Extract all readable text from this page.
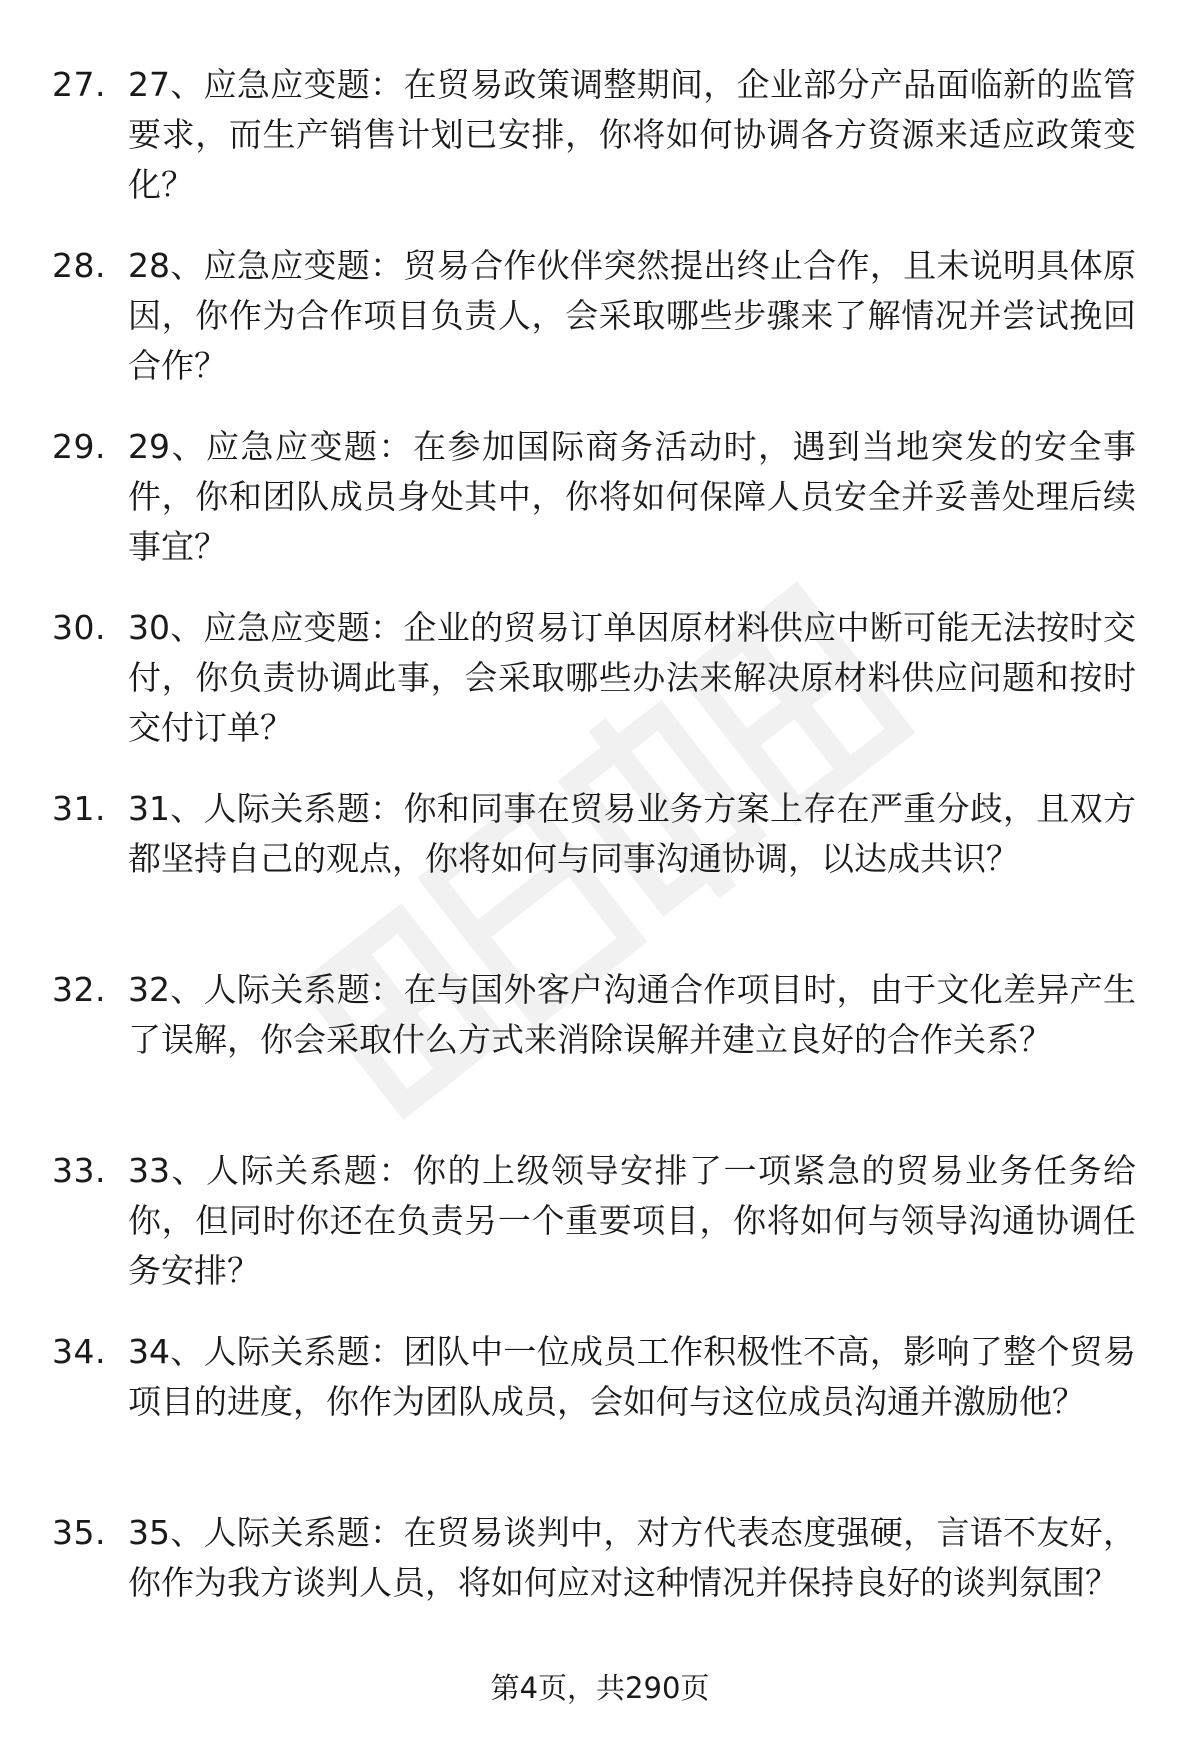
27. 27、应急应变题：在贸易政策调整期间，企业部分产品面临新的监管要求，而生产销售计划已安排，你将如何协调各方资源来适应政策变化？
28. 28、应急应变题：贸易合作伙伴突然提出终止合作，且未说明具体原因，你作为合作项目负责人，会采取哪些步骤来了解情况并尝试挽回合作？
29. 29、应急应变题：在参加国际商务活动时，遇到当地突发的安全事件，你和团队成员身处其中，你将如何保障人员安全并妥善处理后续事宜？
30. 30、应急应变题：企业的贸易订单因原材料供应中断可能无法按时交付，你负责协调此事，会采取哪些办法来解决原材料供应问题和按时交付订单？
31. 31、人际关系题：你和同事在贸易业务方案上存在严重分歧，且双方都坚持自己的观点，你将如何与同事沟通协调，以达成共识？
32. 32、人际关系题：在与国外客户沟通合作项目时，由于文化差异产生了误解，你会采取什么方式来消除误解并建立良好的合作关系？
33. 33、人际关系题：你的上级领导安排了一项紧急的贸易业务任务给你，但同时你还在负责另一个重要项目，你将如何与领导沟通协调任务安排？
34. 34、人际关系题：团队中一位成员工作积极性不高，影响了整个贸易项目的进度，你作为团队成员，会如何与这位成员沟通并激励他？
35. 35、人际关系题：在贸易谈判中，对方代表态度强硬，言语不友好，你作为我方谈判人员，将如何应对这种情况并保持良好的谈判氛围？
第4页，共290页
